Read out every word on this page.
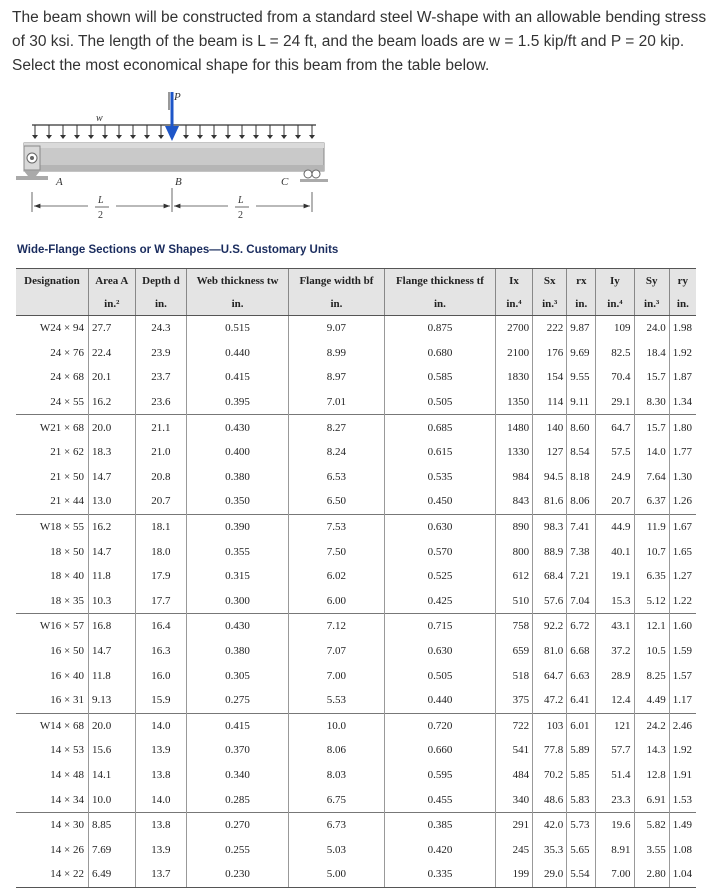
The beam shown will be constructed from a standard steel W-shape with an allowable bending stress of 30 ksi. The length of the beam is L = 24 ft, and the beam loads are w = 1.5 kip/ft and P = 20 kip. Select the most economical shape for this beam from the table below.
w
P
A	B	C
L
2
L
2
Wide-Flange Sections or W Shapes—U.S. Customary Units
Designation	Area A	Depth d	Web thickness tw	Flange width bf	Flange thickness tf	Ix	Sx	rx	Iy	Sy	ry
	in.²	in.	in.	in.	in.	in.⁴	in.³	in.	in.⁴	in.³	in.
W24 × 94	27.7	24.3	0.515	9.07	0.875	2700	222	9.87	109	24.0	1.98
24 × 76	22.4	23.9	0.440	8.99	0.680	2100	176	9.69	82.5	18.4	1.92
24 × 68	20.1	23.7	0.415	8.97	0.585	1830	154	9.55	70.4	15.7	1.87
24 × 55	16.2	23.6	0.395	7.01	0.505	1350	114	9.11	29.1	8.30	1.34
W21 × 68	20.0	21.1	0.430	8.27	0.685	1480	140	8.60	64.7	15.7	1.80
21 × 62	18.3	21.0	0.400	8.24	0.615	1330	127	8.54	57.5	14.0	1.77
21 × 50	14.7	20.8	0.380	6.53	0.535	984	94.5	8.18	24.9	7.64	1.30
21 × 44	13.0	20.7	0.350	6.50	0.450	843	81.6	8.06	20.7	6.37	1.26
W18 × 55	16.2	18.1	0.390	7.53	0.630	890	98.3	7.41	44.9	11.9	1.67
18 × 50	14.7	18.0	0.355	7.50	0.570	800	88.9	7.38	40.1	10.7	1.65
18 × 40	11.8	17.9	0.315	6.02	0.525	612	68.4	7.21	19.1	6.35	1.27
18 × 35	10.3	17.7	0.300	6.00	0.425	510	57.6	7.04	15.3	5.12	1.22
W16 × 57	16.8	16.4	0.430	7.12	0.715	758	92.2	6.72	43.1	12.1	1.60
16 × 50	14.7	16.3	0.380	7.07	0.630	659	81.0	6.68	37.2	10.5	1.59
16 × 40	11.8	16.0	0.305	7.00	0.505	518	64.7	6.63	28.9	8.25	1.57
16 × 31	9.13	15.9	0.275	5.53	0.440	375	47.2	6.41	12.4	4.49	1.17
W14 × 68	20.0	14.0	0.415	10.0	0.720	722	103	6.01	121	24.2	2.46
14 × 53	15.6	13.9	0.370	8.06	0.660	541	77.8	5.89	57.7	14.3	1.92
14 × 48	14.1	13.8	0.340	8.03	0.595	484	70.2	5.85	51.4	12.8	1.91
14 × 34	10.0	14.0	0.285	6.75	0.455	340	48.6	5.83	23.3	6.91	1.53
14 × 30	8.85	13.8	0.270	6.73	0.385	291	42.0	5.73	19.6	5.82	1.49
14 × 26	7.69	13.9	0.255	5.03	0.420	245	35.3	5.65	8.91	3.55	1.08
14 × 22	6.49	13.7	0.230	5.00	0.335	199	29.0	5.54	7.00	2.80	1.04
